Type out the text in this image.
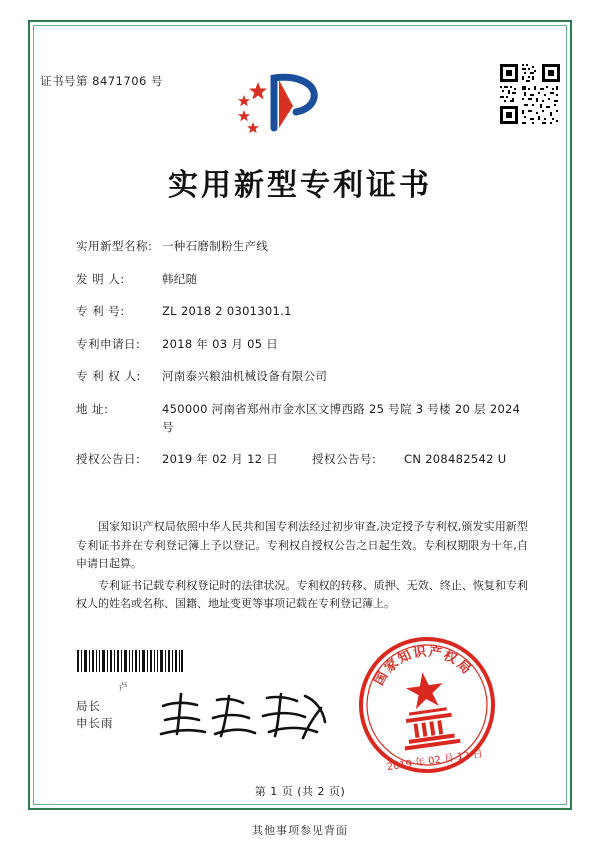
证书号第 8471706 号
实用新型专利证书
实用新型名称: 一种石磨制粉生产线
发 明 人:	韩纪随
专 利 号:	ZL 2018 2 0301301.1
专利申请日:	2018 年 03 月 05 日
专 利 权 人:	河南泰兴粮油机械设备有限公司
地 址:	450000 河南省郑州市金水区文博西路 25 号院 3 号楼 20 层 2024 号
授权公告日:	2019 年 02 月 12 日	授权公告号:	CN 208482542 U

国家知识产权局依照中华人民共和国专利法经过初步审查,决定授予专利权,颁发实用新型专利证书并在专利登记簿上予以登记。专利权自授权公告之日起生效。专利权期限为十年,自申请日起算。

专利证书记载专利权登记时的法律状况。专利权的转移、质押、无效、终止、恢复和专利权人的姓名或名称、国籍、地址变更等事项记载在专利登记簿上。

卢
局长
申长雨
国
家
知
识 产
权
局
2019 年 02 月 12 日
第 1 页 (共 2 页)
其他事项参见背面
